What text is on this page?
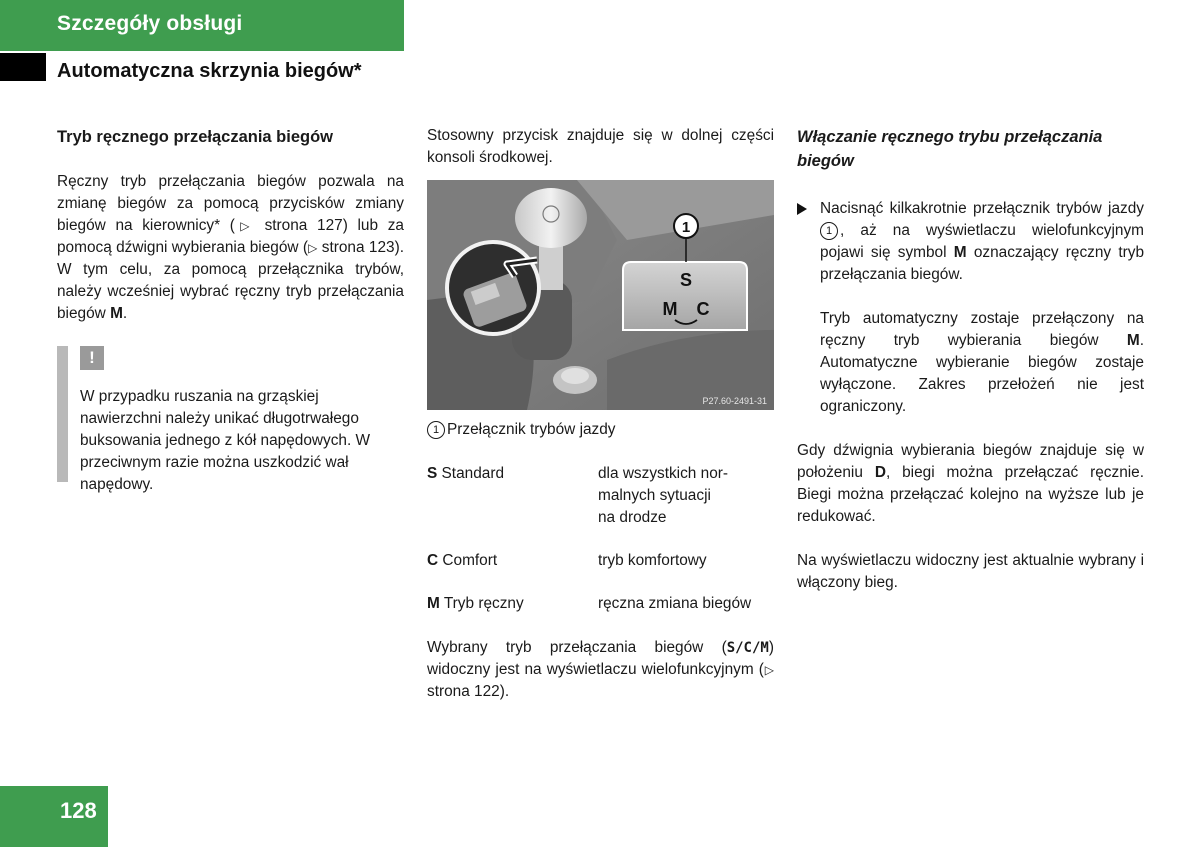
Szczegóły obsługi
Automatyczna skrzynia biegów*

Tryb ręcznego przełączania biegów

Ręczny tryb przełączania biegów pozwala na zmianę biegów za pomocą przycisków zmiany biegów na kierownicy* (▷ strona 127) lub za pomocą dźwigni wybierania biegów (▷ strona 123). W tym celu, za pomocą przełącznika trybów, należy wcześniej wybrać ręczny tryb przełączania biegów M.

!
W przypadku ruszania na grząskiej nawierzchni należy unikać długotrwałego buksowania jednego z kół napędowych. W przeciwnym razie można uszkodzić wał napędowy.

Stosowny przycisk znajduje się w dolnej części konsoli środkowej.

1
S
M C
P27.60-2491-31
1 Przełącznik trybów jazdy
S Standard	dla wszystkich nor-
malnych sytuacji
na drodze
C Comfort	tryb komfortowy
M Tryb ręczny	ręczna zmiana biegów
Wybrany tryb przełączania biegów (S/C/M) widoczny jest na wyświetlaczu wielofunkcyjnym (▷ strona 122).

Włączanie ręcznego trybu przełączania biegów

Nacisnąć kilkakrotnie przełącznik trybów jazdy 1 , aż na wyświetlaczu wielofunkcyjnym pojawi się symbol M oznaczający ręczny tryb przełączania biegów.

Tryb automatyczny zostaje przełączony na ręczny tryb wybierania biegów M. Automatyczne wybieranie biegów zostaje wyłączone. Zakres przełożeń nie jest ograniczony.

Gdy dźwignia wybierania biegów znajduje się w położeniu D, biegi można przełączać ręcznie. Biegi można przełączać kolejno na wyższe lub je redukować.

Na wyświetlaczu widoczny jest aktualnie wybrany i włączony bieg.

128
